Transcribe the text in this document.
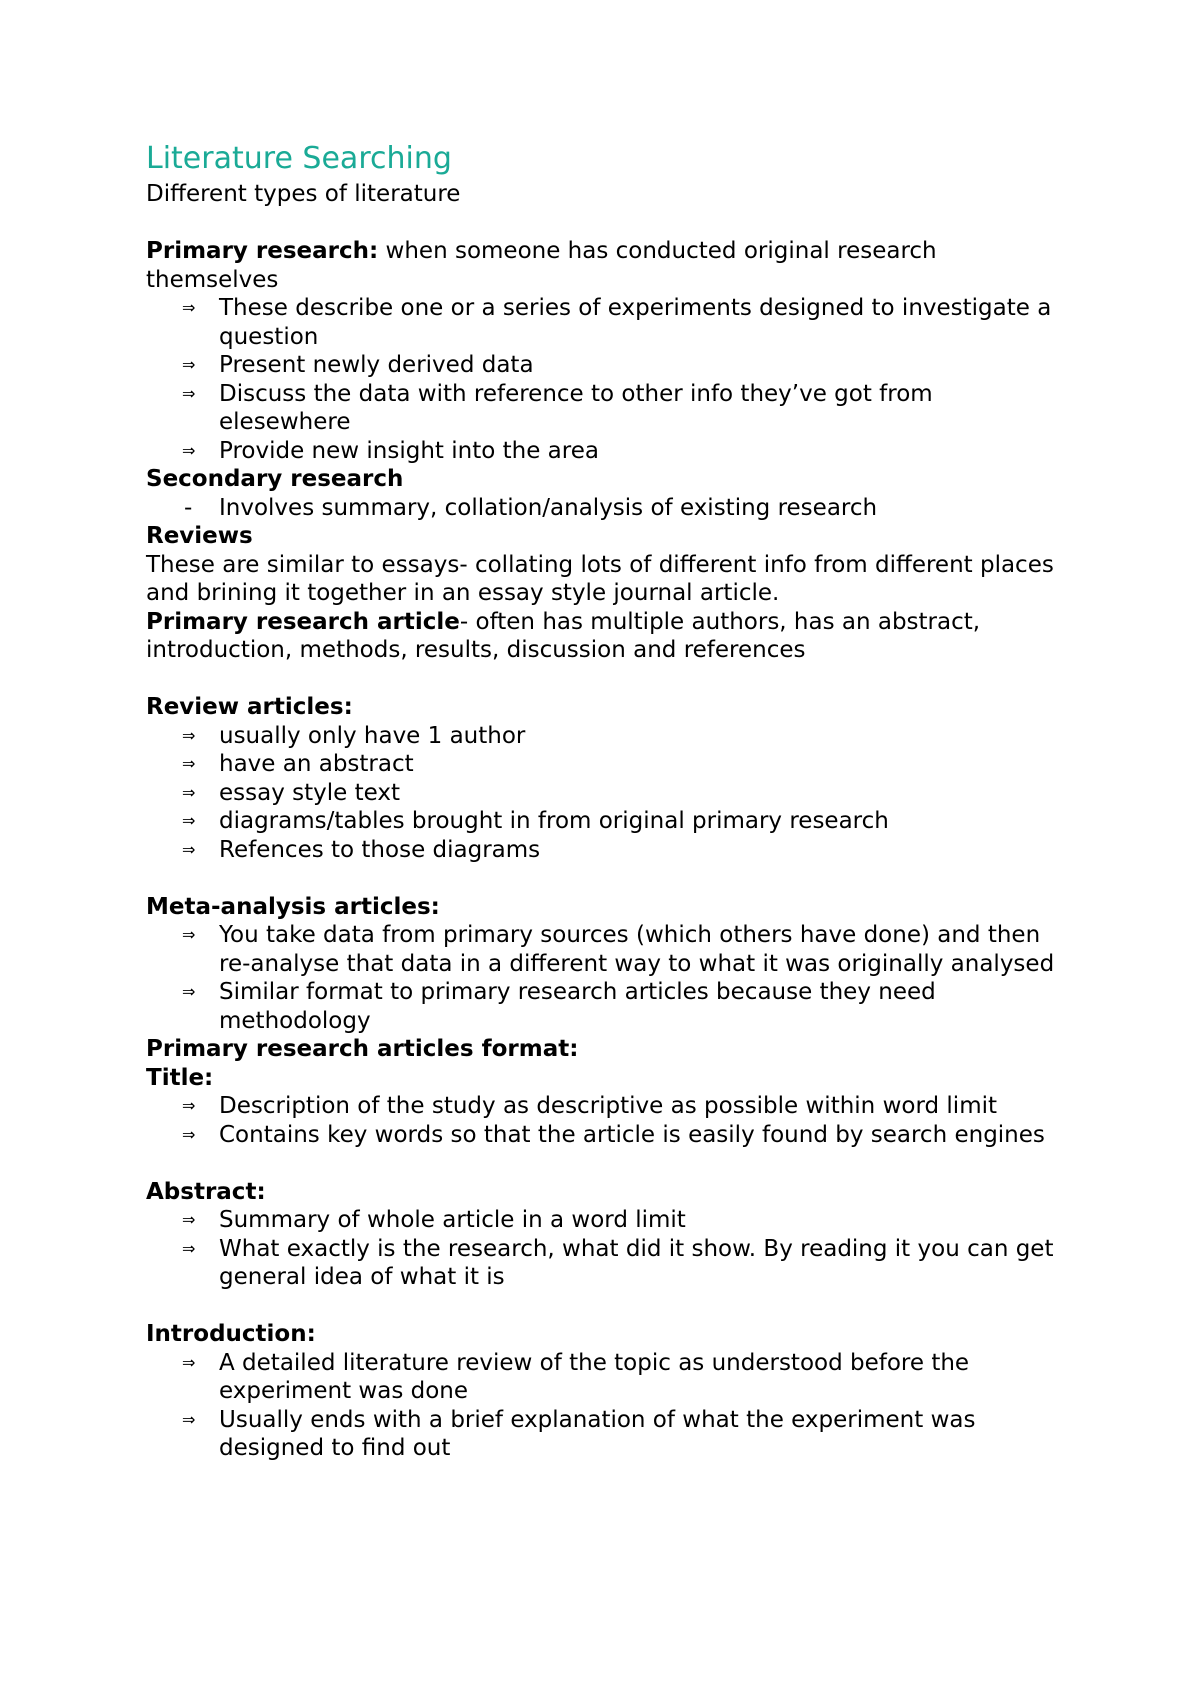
Literature Searching

Different types of literature

Primary research: when someone has conducted original research themselves

⇒	These describe one or a series of experiments designed to investigate a question
⇒	Present newly derived data
⇒	Discuss the data with reference to other info they’ve got from elesewhere
⇒	Provide new insight into the area

Secondary research

-	Involves summary, collation/analysis of existing research

Reviews

These are similar to essays- collating lots of different info from different places and brining it together in an essay style journal article.

Primary research article- often has multiple authors, has an abstract, introduction, methods, results, discussion and references

Review articles:

⇒	usually only have 1 author
⇒	have an abstract
⇒	essay style text
⇒	diagrams/tables brought in from original primary research
⇒	Refences to those diagrams

Meta-analysis articles:

⇒	You take data from primary sources (which others have done) and then re-analyse that data in a different way to what it was originally analysed
⇒	Similar format to primary research articles because they need methodology

Primary research articles format:

Title:

⇒	Description of the study as descriptive as possible within word limit
⇒	Contains key words so that the article is easily found by search engines

Abstract:

⇒	Summary of whole article in a word limit
⇒	What exactly is the research, what did it show. By reading it you can get general idea of what it is

Introduction:

⇒	A detailed literature review of the topic as understood before the experiment was done
⇒	Usually ends with a brief explanation of what the experiment was designed to find out
